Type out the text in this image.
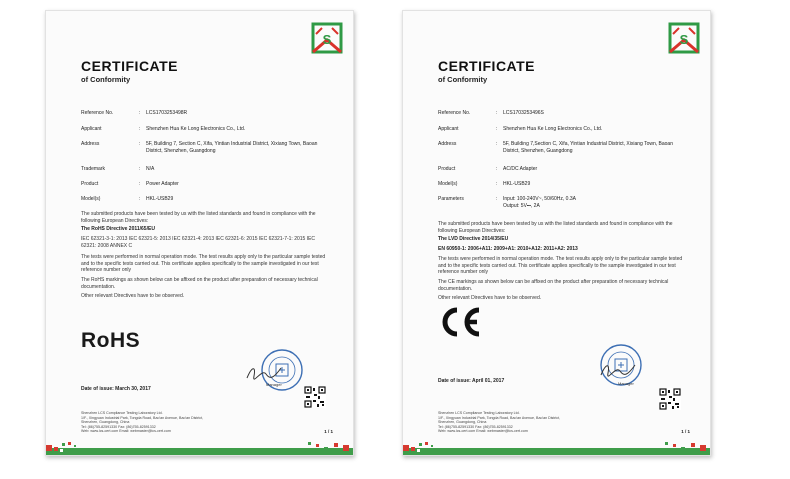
S
CERTIFICATE
of Conformity
Reference No.	:	LCS1703253498R
Applicant	:	Shenzhen Hua Ke Long Electronics Co., Ltd.
Address	:	5F, Building 7, Section C, Xifa, Yintian Industrial District, Xixiang Town, Baoan District, Shenzhen, Guangdong
Trademark	:	N/A
Product	:	Power Adapter
Model(s)	:	HKL-USB29
The submitted products have been tested by us with the listed standards and found in compliance with the following European Directives:
The RoHS Directive 2011/65/EU
IEC 62321-3-1: 2013 IEC 62321-5: 2013 IEC 62321-4: 2013 IEC 62321-6: 2015 IEC 62321-7-1: 2015 IEC 62321: 2008 ANNEX C
The tests were performed in normal operation mode. The test results apply only to the particular sample tested and to the specific tests carried out. This certificate applies specifically to the sample investigated in our test reference number only
The RoHS markings as shown below can be affixed on the product after preparation of necessary technical documentation.
Other relevant Directives have to be observed.
RoHS
Manager
Date of issue: March 30, 2017
Shenzhen LCS Compliance Testing Laboratory Ltd.
1/F., Xingyuan Industrial Park, Tongda Road, Bao'an Avenue, Bao'an District,
Shenzhen, Guangdong, China
Tel: (86)755-82591330 Fax: (86)755-82591332
Web: www.lcs-cert.com Email: webmaster@lcs-cert.com	1 / 1
S
CERTIFICATE
of Conformity
Reference No.	:	LCS1703253496S
Applicant	:	Shenzhen Hua Ke Long Electronics Co., Ltd.
Address	:	5F, Building 7,Section C, Xifa, Yintian Industrial District, Xixiang Town, Baoan District, Shenzhen, Guangdong
Product	:	AC/DC Adapter
Model(s)	:	HKL-USB29
Parameters	:	Input: 100-240V~, 50/60Hz, 0.3A
Output: 5V⎓, 2A
The submitted products have been tested by us with the listed standards and found in compliance with the following European Directives:
The LVD Directive 2014/35/EU
EN 60950-1: 2006+A11: 2009+A1: 2010+A12: 2011+A2: 2013
The tests were performed in normal operation mode. The test results apply only to the particular sample tested and to the specific tests carried out. This certificate applies specifically to the sample investigated in our test reference number only
The CE markings as shown below can be affixed on the product after preparation of necessary technical documentation.
Other relevant Directives have to be observed.
Manager
Date of issue: April 01, 2017
Shenzhen LCS Compliance Testing Laboratory Ltd.
1/F., Xingyuan Industrial Park, Tongda Road, Bao'an Avenue, Bao'an District,
Shenzhen, Guangdong, China
Tel: (86)755-82591330 Fax: (86)755-82591332
Web: www.lcs-cert.com Email: webmaster@lcs-cert.com	1 / 1
